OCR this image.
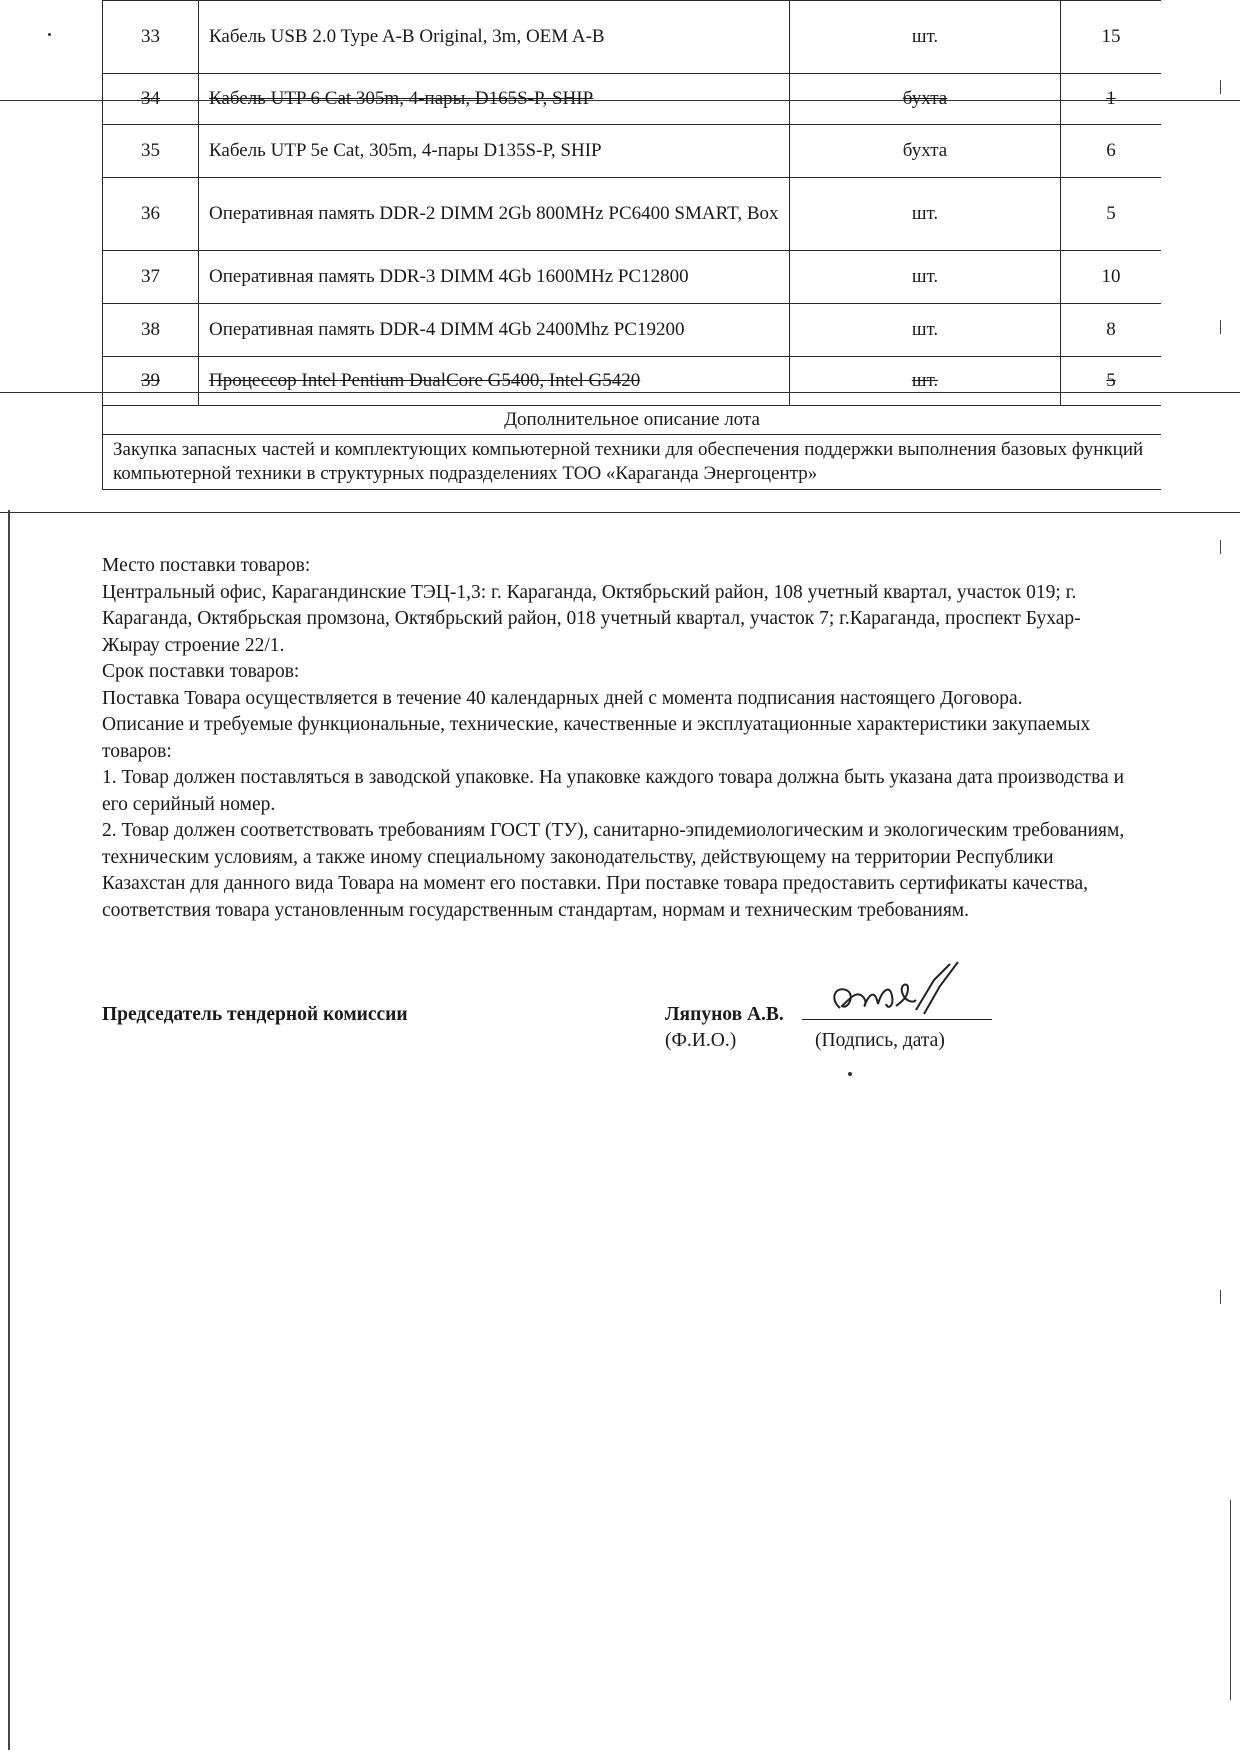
33	Кабель USB 2.0 Type A-B Original, 3m, OEM A-B	шт.	15
34	Кабель UTP 6 Cat 305m, 4-пары, D165S-P, SHIP	бухта	1
35	Кабель UTP 5e Cat, 305m, 4-пары D135S-P, SHIP	бухта	6
36	Оперативная память DDR-2 DIMM 2Gb 800MHz PC6400 SMART, Box	шт.	5
37	Оперативная память DDR-3 DIMM 4Gb 1600MHz PC12800	шт.	10
38	Оперативная память DDR-4 DIMM 4Gb 2400Mhz PC19200	шт.	8
39	Процессор Intel Pentium DualCore G5400, Intel G5420	шт.	5
Дополнительное описание лота			
Закупка запасных частей и комплектующих компьютерной техники для обеспечения поддержки выполнения базовых функций компьютерной техники в структурных подразделениях ТОО «Караганда Энергоцентр»			

Место поставки товаров:

Центральный офис, Карагандинские ТЭЦ-1,3: г. Караганда, Октябрьский район, 108 учетный квартал, участок 019; г. Караганда, Октябрьская промзона, Октябрьский район, 018 учетный квартал, участок 7; г.Караганда, проспект Бухар-Жырау строение 22/1.

Срок поставки товаров:

Поставка Товара осуществляется в течение 40 календарных дней с момента подписания настоящего Договора.

Описание и требуемые функциональные, технические, качественные и эксплуатационные характеристики закупаемых товаров:

1. Товар должен поставляться в заводской упаковке. На упаковке каждого товара должна быть указана дата производства и его серийный номер.

2. Товар должен соответствовать требованиям ГОСТ (ТУ), санитарно-эпидемиологическим и экологическим требованиям, техническим условиям, а также иному специальному законодательству, действующему на территории Республики Казахстан для данного вида Товара на момент его поставки. При поставке товара предоставить сертификаты качества, соответствия товара установленным государственным стандартам, нормам и техническим требованиям.

Председатель тендерной комиссии	Ляпунов А.В.
(Ф.И.О.)	(Подпись, дата)
